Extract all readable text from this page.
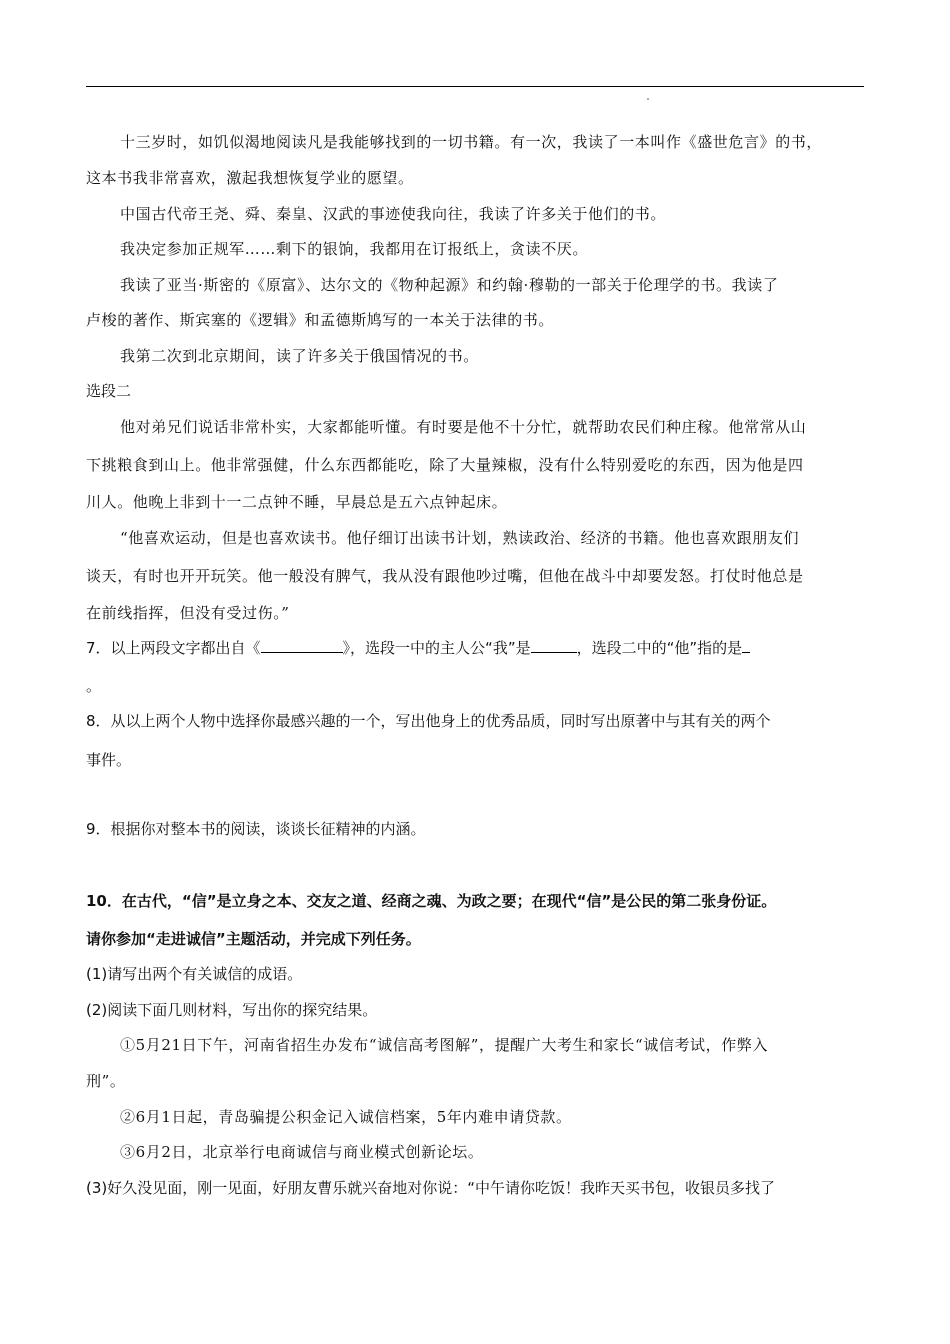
十三岁时，如饥似渴地阅读凡是我能够找到的一切书籍。有一次，我读了一本叫作《盛世危言》的书，
这本书我非常喜欢，激起我想恢复学业的愿望。
中国古代帝王尧、舜、秦皇、汉武的事迹使我向往，我读了许多关于他们的书。
我决定参加正规军……剩下的银饷，我都用在订报纸上，贪读不厌。
我读了亚当·斯密的《原富》、达尔文的《物种起源》和约翰·穆勒的一部关于伦理学的书。我读了
卢梭的著作、斯宾塞的《逻辑》和孟德斯鸠写的一本关于法律的书。
我第二次到北京期间，读了许多关于俄国情况的书。
选段二
他对弟兄们说话非常朴实，大家都能听懂。有时要是他不十分忙，就帮助农民们种庄稼。他常常从山
下挑粮食到山上。他非常强健，什么东西都能吃，除了大量辣椒，没有什么特别爱吃的东西，因为他是四
川人。他晚上非到十一二点钟不睡，早晨总是五六点钟起床。
“他喜欢运动，但是也喜欢读书。他仔细订出读书计划，熟读政治、经济的书籍。他也喜欢跟朋友们
谈天，有时也开开玩笑。他一般没有脾气，我从没有跟他吵过嘴，但他在战斗中却要发怒。打仗时他总是
在前线指挥，但没有受过伤。”
7．以上两段文字都出自《	》，选段一中的主人公“我”是	，选段二中的“他”指的是
。
8．从以上两个人物中选择你最感兴趣的一个，写出他身上的优秀品质，同时写出原著中与其有关的两个
事件。
9．根据你对整本书的阅读，谈谈长征精神的内涵。
10．在古代，“信”是立身之本、交友之道、经商之魂、为政之要；在现代“信”是公民的第二张身份证。
请你参加“走进诚信”主题活动，并完成下列任务。
(1)请写出两个有关诚信的成语。
(2)阅读下面几则材料，写出你的探究结果。
①5月21日下午，河南省招生办发布“诚信高考图解”，提醒广大考生和家长“诚信考试，作弊入
刑”。
②6月1日起，青岛骗提公积金记入诚信档案，5年内难申请贷款。
③6月2日，北京举行电商诚信与商业模式创新论坛。
(3)好久没见面，刚一见面，好朋友曹乐就兴奋地对你说：“中午请你吃饭！我昨天买书包，收银员多找了
